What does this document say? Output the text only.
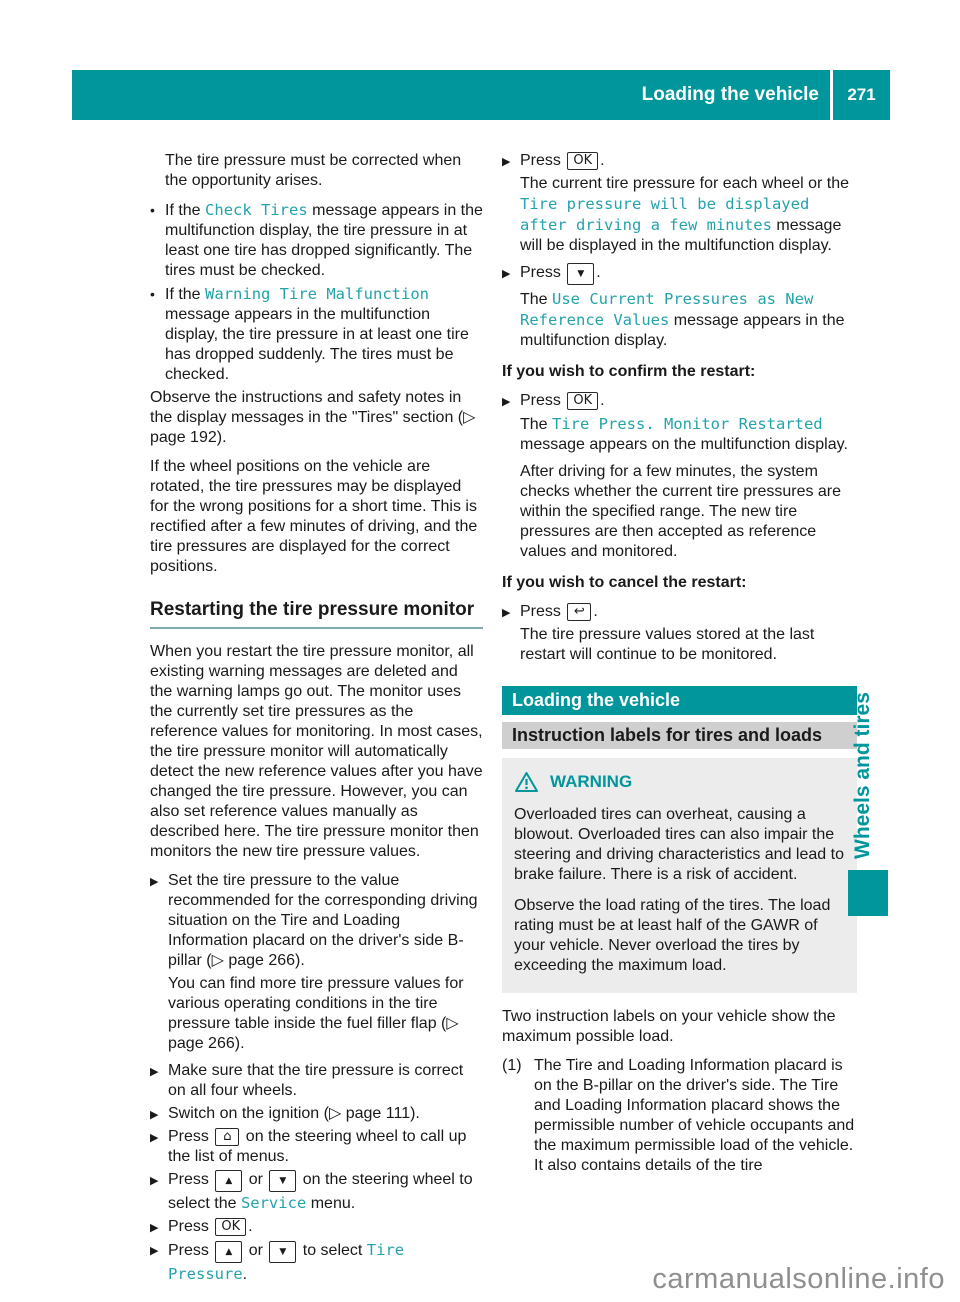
Loading the vehicle 271

The tire pressure must be corrected when the opportunity arises.

• If the Check Tires message appears in the multifunction display, the tire pressure in at least one tire has dropped significantly. The tires must be checked.
• If the Warning Tire Malfunction message appears in the multifunction display, the tire pressure in at least one tire has dropped suddenly. The tires must be checked.

Observe the instructions and safety notes in the display messages in the "Tires" section (▷ page 192).

If the wheel positions on the vehicle are rotated, the tire pressures may be displayed for the wrong positions for a short time. This is rectified after a few minutes of driving, and the tire pressures are displayed for the correct positions.

Restarting the tire pressure monitor

When you restart the tire pressure monitor, all existing warning messages are deleted and the warning lamps go out. The monitor uses the currently set tire pressures as the reference values for monitoring. In most cases, the tire pressure monitor will automatically detect the new reference values after you have changed the tire pressure. However, you can also set reference values manually as described here. The tire pressure monitor then monitors the new tire pressure values.

▶ Set the tire pressure to the value recommended for the corresponding driving situation on the Tire and Loading Information placard on the driver's side B-pillar (▷ page 266).

You can find more tire pressure values for various operating conditions in the tire pressure table inside the fuel filler flap (▷ page 266).

▶ Make sure that the tire pressure is correct on all four wheels.
▶ Switch on the ignition (▷ page 111).
▶ Press ⌂ on the steering wheel to call up the list of menus.
▶ Press ▲ or ▼ on the steering wheel to select the Service menu.
▶ Press OK .
▶ Press ▲ or ▼ to select Tire Pressure.
▶ Press OK .

The current tire pressure for each wheel or the Tire pressure will be displayed after driving a few minutes message will be displayed in the multifunction display.

▶ Press ▼ .

The Use Current Pressures as New Reference Values message appears in the multifunction display.

If you wish to confirm the restart:

▶ Press OK .

The Tire Press. Monitor Restarted message appears on the multifunction display.

After driving for a few minutes, the system checks whether the current tire pressures are within the specified range. The new tire pressures are then accepted as reference values and monitored.

If you wish to cancel the restart:

▶ Press ↩ .

The tire pressure values stored at the last restart will continue to be monitored.

Loading the vehicle
Instruction labels for tires and loads
WARNING

Overloaded tires can overheat, causing a blowout. Overloaded tires can also impair the steering and driving characteristics and lead to brake failure. There is a risk of accident.

Observe the load rating of the tires. The load rating must be at least half of the GAWR of your vehicle. Never overload the tires by exceeding the maximum load.

Two instruction labels on your vehicle show the maximum possible load.

(1) The Tire and Loading Information placard is on the B-pillar on the driver's side. The Tire and Loading Information placard shows the permissible number of vehicle occupants and the maximum permissible load of the vehicle. It also contains details of the tire
Wheels and tires
carmanualsonline.info
